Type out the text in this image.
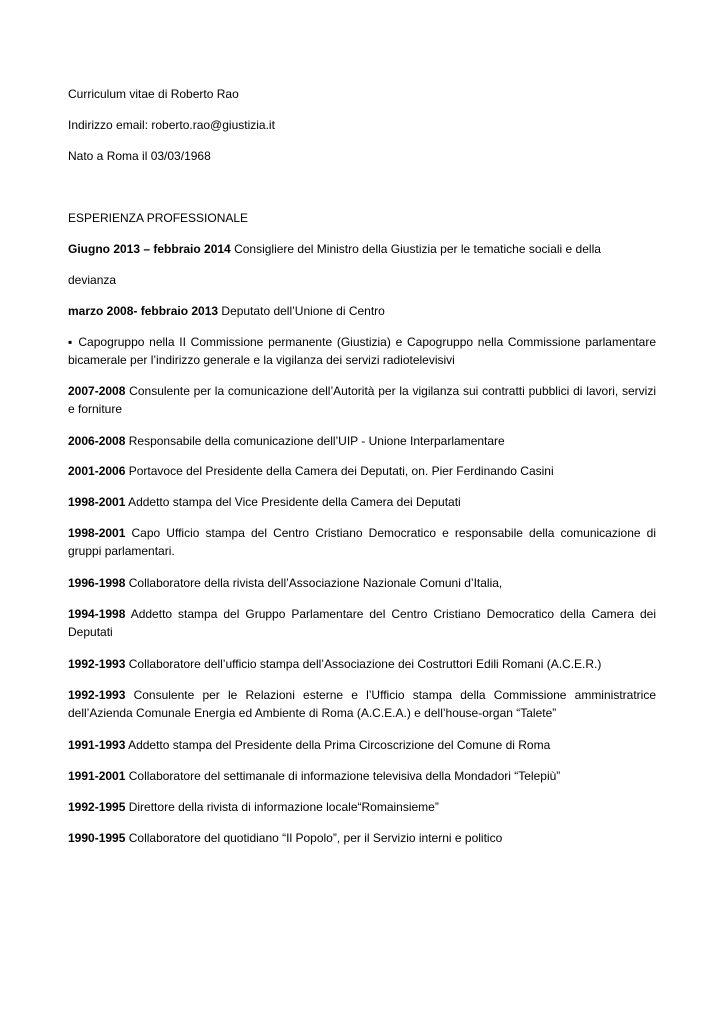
Curriculum vitae di Roberto Rao

Indirizzo email: roberto.rao@giustizia.it

Nato a Roma il 03/03/1968

ESPERIENZA PROFESSIONALE

Giugno 2013 – febbraio 2014 Consigliere del Ministro della Giustizia per le tematiche sociali e della

devianza

marzo 2008- febbraio 2013 Deputato dell’Unione di Centro

▪ Capogruppo nella II Commissione permanente (Giustizia) e Capogruppo nella Commissione parlamentare bicamerale per l’indirizzo generale e la vigilanza dei servizi radiotelevisivi

2007-2008 Consulente per la comunicazione dell’Autorità per la vigilanza sui contratti pubblici di lavori, servizi e forniture

2006-2008 Responsabile della comunicazione dell’UIP - Unione Interparlamentare

2001-2006 Portavoce del Presidente della Camera dei Deputati, on. Pier Ferdinando Casini

1998-2001 Addetto stampa del Vice Presidente della Camera dei Deputati

1998-2001 Capo Ufficio stampa del Centro Cristiano Democratico e responsabile della comunicazione di gruppi parlamentari.

1996-1998 Collaboratore della rivista dell’Associazione Nazionale Comuni d’Italia,

1994-1998 Addetto stampa del Gruppo Parlamentare del Centro Cristiano Democratico della Camera dei Deputati

1992-1993 Collaboratore dell’ufficio stampa dell’Associazione dei Costruttori Edili Romani (A.C.E.R.)

1992-1993 Consulente per le Relazioni esterne e l’Ufficio stampa della Commissione amministratrice dell’Azienda Comunale Energia ed Ambiente di Roma (A.C.E.A.) e dell’house-organ “Talete”

1991-1993 Addetto stampa del Presidente della Prima Circoscrizione del Comune di Roma

1991-2001 Collaboratore del settimanale di informazione televisiva della Mondadori “Telepiù”

1992-1995 Direttore della rivista di informazione locale“Romainsieme”

1990-1995 Collaboratore del quotidiano “Il Popolo”, per il Servizio interni e politico
